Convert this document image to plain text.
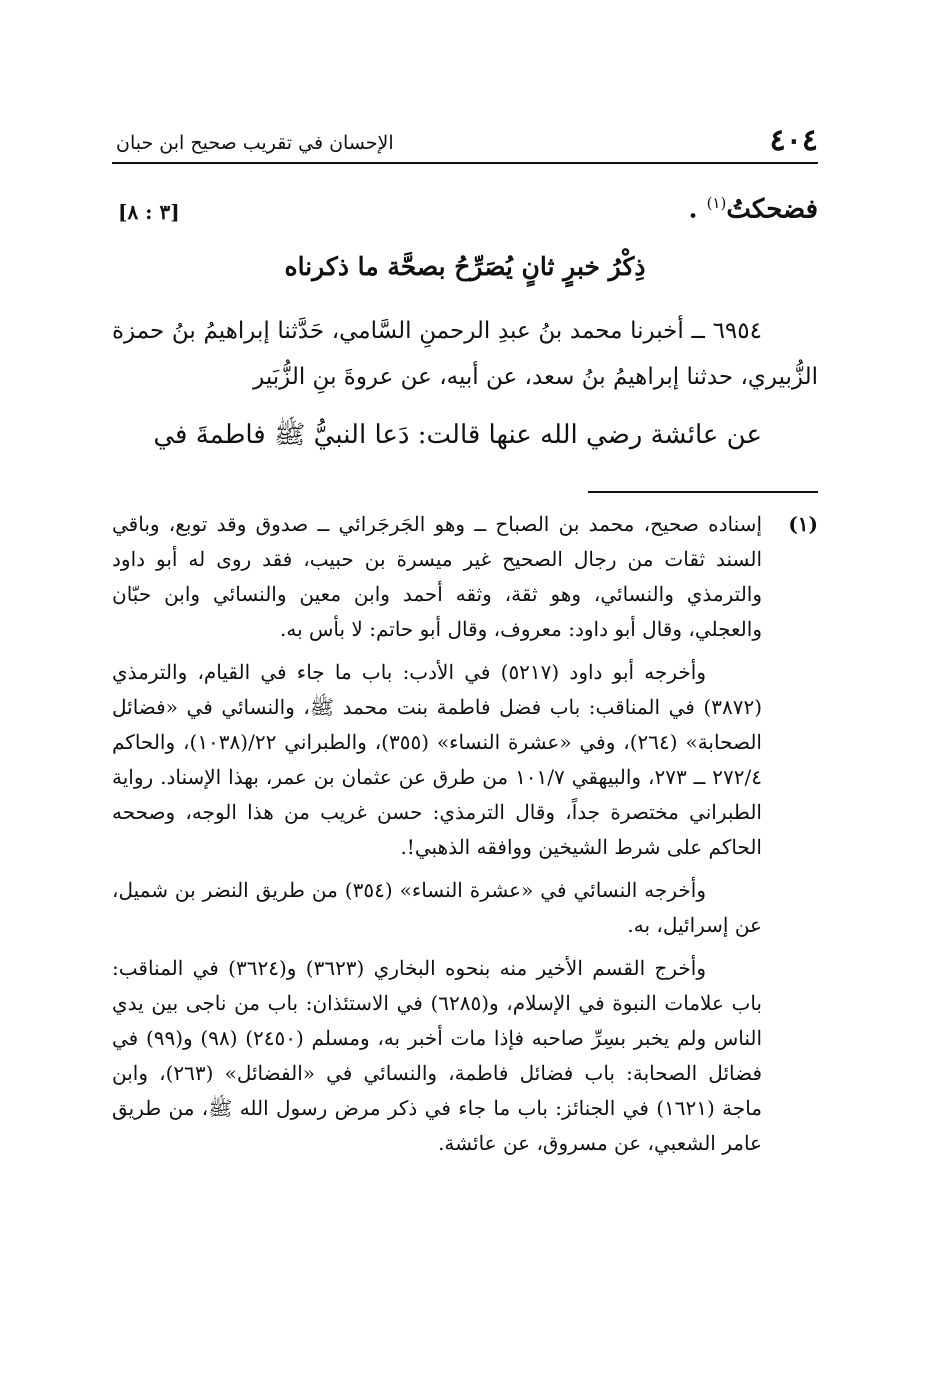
٤٠٤
الإحسان في تقريب صحيح ابن حبان
فضحكتُ$^{(١)}$ .
[٣ : ٨]
ذِكْرُ خبرٍ ثانٍ يُصَرِّحُ بصحَّة ما ذكرناه
٦٩٥٤ ــ أخبرنا محمد بنُ عبدِ الرحمنِ السَّامي، حَدَّثنا إبراهيمُ بنُ حمزة الزُّبيري، حدثنا إبراهيمُ بنُ سعد، عن أبيه، عن عروةَ بنِ الزُّبَير
عن عائشة رضي الله عنها قالت: دَعا النبيُّ ﷺ فاطمةَ في
(١)

إسناده صحيح، محمد بن الصباح ــ وهو الجَرجَرائي ــ صدوق وقد توبع، وباقي السند ثقات من رجال الصحيح غير ميسرة بن حبيب، فقد روى له أبو داود والترمذي والنسائي، وهو ثقة، وثقه أحمد وابن معين والنسائي وابن حبّان والعجلي، وقال أبو داود: معروف، وقال أبو حاتم: لا بأس به.

وأخرجه أبو داود (٥٢١٧) في الأدب: باب ما جاء في القيام، والترمذي (٣٨٧٢) في المناقب: باب فضل فاطمة بنت محمد ﷺ، والنسائي في «فضائل الصحابة» (٢٦٤)، وفي «عشرة النساء» (٣٥٥)، والطبراني ٢٢/(١٠٣٨)، والحاكم ٢٧٢/٤ ــ ٢٧٣، والبيهقي ١٠١/٧ من طرق عن عثمان بن عمر، بهذا الإسناد. رواية الطبراني مختصرة جداً، وقال الترمذي: حسن غريب من هذا الوجه، وصححه الحاكم على شرط الشيخين ووافقه الذهبي!.

وأخرجه النسائي في «عشرة النساء» (٣٥٤) من طريق النضر بن شميل، عن إسرائيل، به.

وأخرج القسم الأخير منه بنحوه البخاري (٣٦٢٣) و(٣٦٢٤) في المناقب: باب علامات النبوة في الإسلام، و(٦٢٨٥) في الاستئذان: باب من ناجى بين يدي الناس ولم يخبر بسِرِّ صاحبه فإذا مات أخبر به، ومسلم (٢٤٥٠) (٩٨) و(٩٩) في فضائل الصحابة: باب فضائل فاطمة، والنسائي في «الفضائل» (٢٦٣)، وابن ماجة (١٦٢١) في الجنائز: باب ما جاء في ذكر مرض رسول الله ﷺ، من طريق عامر الشعبي، عن مسروق، عن عائشة.
